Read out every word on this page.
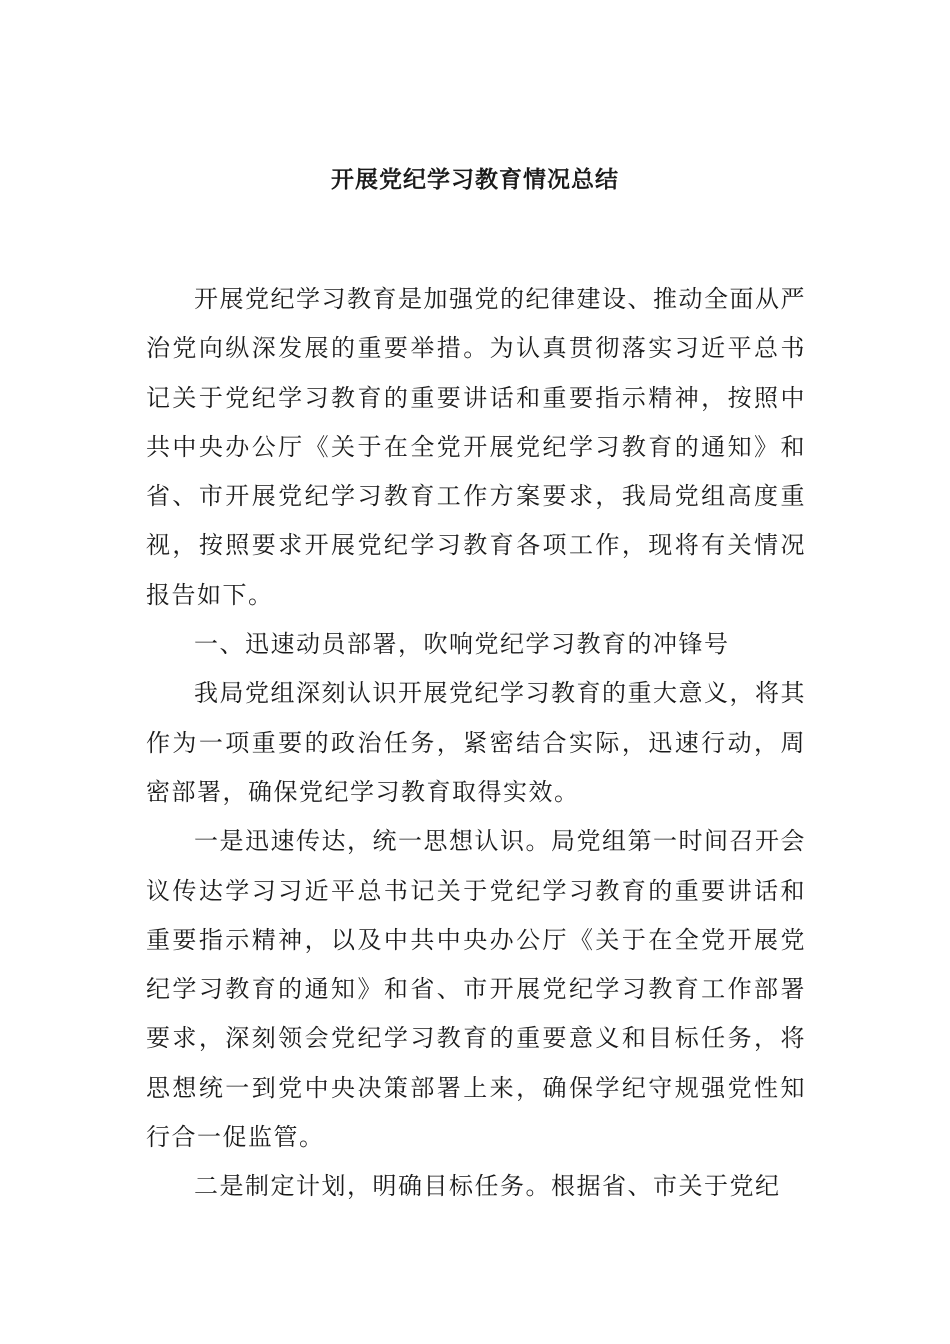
开展党纪学习教育情况总结

开展党纪学习教育是加强党的纪律建设、推动全面从严治党向纵深发展的重要举措。为认真贯彻落实习近平总书记关于党纪学习教育的重要讲话和重要指示精神，按照中共中央办公厅《关于在全党开展党纪学习教育的通知》和省、市开展党纪学习教育工作方案要求，我局党组高度重视，按照要求开展党纪学习教育各项工作，现将有关情况报告如下。

一、迅速动员部署，吹响党纪学习教育的冲锋号

我局党组深刻认识开展党纪学习教育的重大意义，将其作为一项重要的政治任务，紧密结合实际，迅速行动，周密部署，确保党纪学习教育取得实效。

一是迅速传达，统一思想认识。局党组第一时间召开会议传达学习习近平总书记关于党纪学习教育的重要讲话和重要指示精神，以及中共中央办公厅《关于在全党开展党纪学习教育的通知》和省、市开展党纪学习教育工作部署要求，深刻领会党纪学习教育的重要意义和目标任务，将思想统一到党中央决策部署上来，确保学纪守规强党性知行合一促监管。

二是制定计划，明确目标任务。根据省、市关于党纪
